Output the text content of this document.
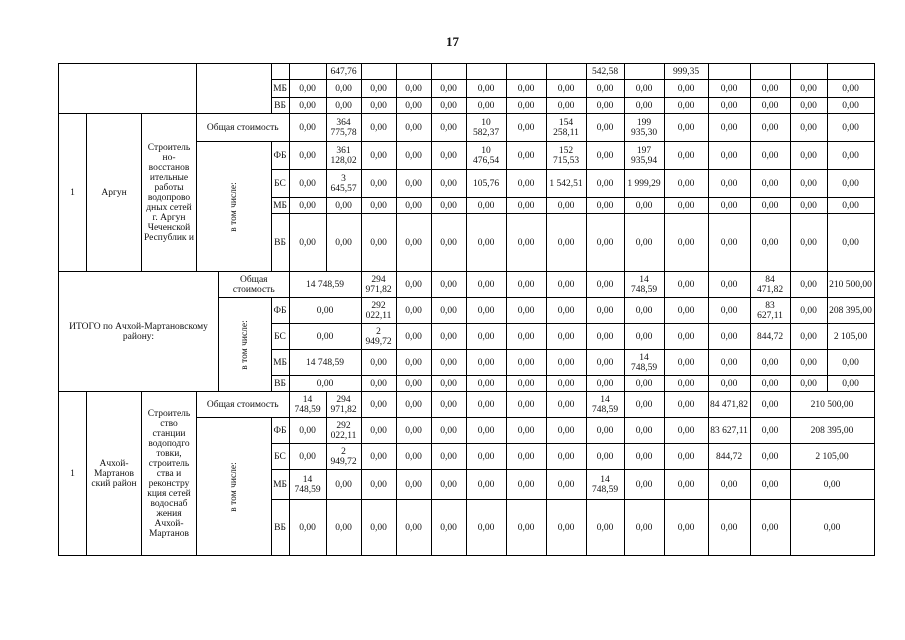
17
							647,76							542,58		999,35				
					МБ	0,00	0,00	0,00	0,00	0,00	0,00	0,00	0,00	0,00	0,00	0,00	0,00	0,00	0,00	0,00
					ВБ	0,00	0,00	0,00	0,00	0,00	0,00	0,00	0,00	0,00	0,00	0,00	0,00	0,00	0,00	0,00
1	Аргун	Строитель но-восстанов ительные работы водопрово дных сетей г. Аргун Чеченской Республик и	Общая стоимость			0,00	364 775,78	0,00	0,00	0,00	10 582,37	0,00	154 258,11	0,00	199 935,30	0,00	0,00	0,00	0,00	0,00
			в том числе:		ФБ	0,00	361 128,02	0,00	0,00	0,00	10 476,54	0,00	152 715,53	0,00	197 935,94	0,00	0,00	0,00	0,00	0,00
					БС	0,00	3 645,57	0,00	0,00	0,00	105,76	0,00	1 542,51	0,00	1 999,29	0,00	0,00	0,00	0,00	0,00
					МБ	0,00	0,00	0,00	0,00	0,00	0,00	0,00	0,00	0,00	0,00	0,00	0,00	0,00	0,00	0,00
					ВБ	0,00	0,00	0,00	0,00	0,00	0,00	0,00	0,00	0,00	0,00	0,00	0,00	0,00	0,00	0,00
ИТОГО по Ачхой-Мартановскому району:				Общая стоимость		14 748,59		294 971,82	0,00	0,00	0,00	0,00	0,00	0,00	14 748,59	0,00	0,00	84 471,82	0,00	210 500,00
				в том числе:	ФБ	0,00		292 022,11	0,00	0,00	0,00	0,00	0,00	0,00	0,00	0,00	0,00	83 627,11	0,00	208 395,00
					БС	0,00		2 949,72	0,00	0,00	0,00	0,00	0,00	0,00	0,00	0,00	0,00	844,72	0,00	2 105,00
					МБ	14 748,59		0,00	0,00	0,00	0,00	0,00	0,00	0,00	14 748,59	0,00	0,00	0,00	0,00	0,00
					ВБ	0,00		0,00	0,00	0,00	0,00	0,00	0,00	0,00	0,00	0,00	0,00	0,00	0,00	0,00
1	Ачхой-Мартанов ский район	Строитель ство станции водоподго товки, строитель ства и реконстру кция сетей водоснаб жения Ачхой-Мартанов	Общая стоимость			14 748,59	294 971,82	0,00	0,00	0,00	0,00	0,00	0,00	14 748,59	0,00	0,00	84 471,82	0,00	210 500,00	
			в том числе:		ФБ	0,00	292 022,11	0,00	0,00	0,00	0,00	0,00	0,00	0,00	0,00	0,00	83 627,11	0,00	208 395,00	
					БС	0,00	2 949,72	0,00	0,00	0,00	0,00	0,00	0,00	0,00	0,00	0,00	844,72	0,00	2 105,00	
					МБ	14 748,59	0,00	0,00	0,00	0,00	0,00	0,00	0,00	14 748,59	0,00	0,00	0,00	0,00	0,00	
					ВБ	0,00	0,00	0,00	0,00	0,00	0,00	0,00	0,00	0,00	0,00	0,00	0,00	0,00	0,00	
